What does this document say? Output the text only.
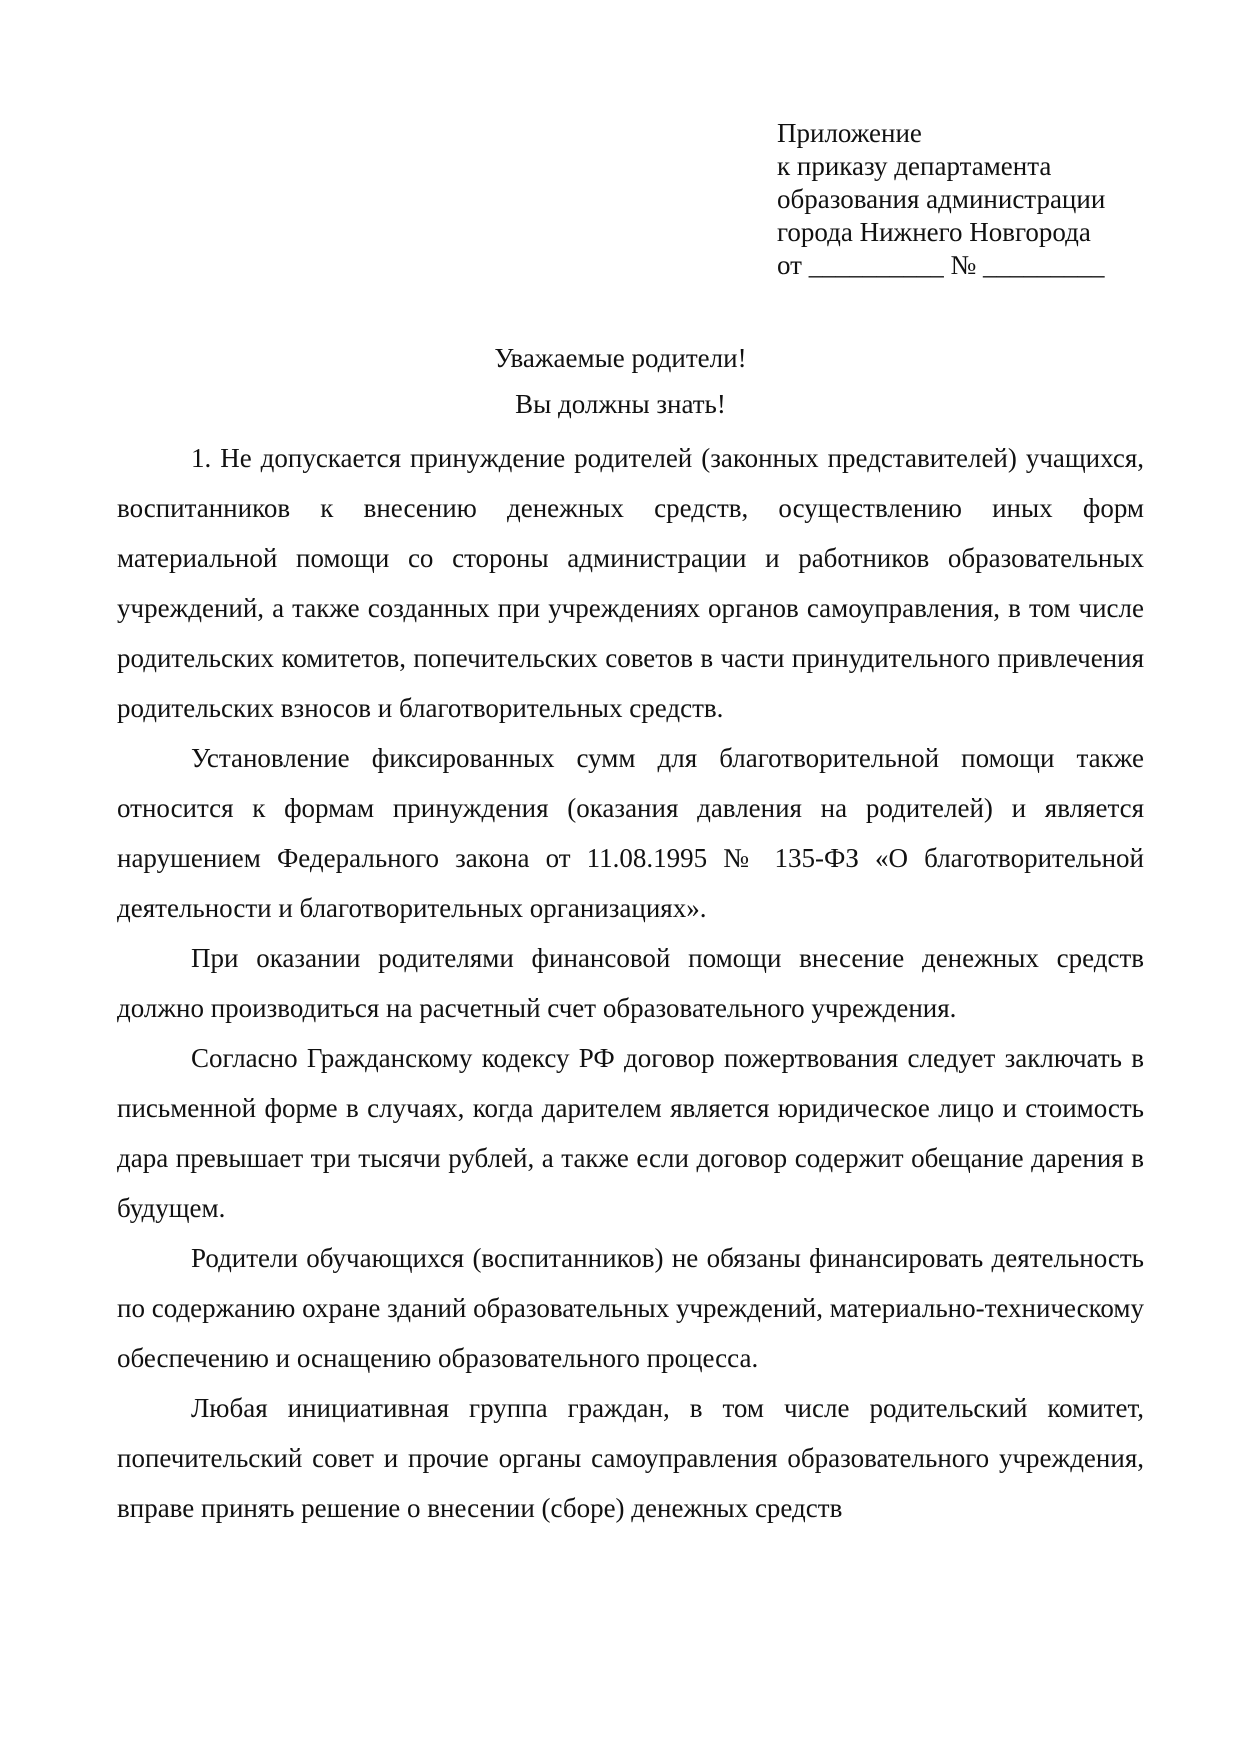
Приложение
к приказу департамента
образования администрации
города Нижнего Новгорода
от __________ № _________
Уважаемые родители!
Вы должны знать!

1. Не допускается принуждение родителей (законных представителей) учащихся, воспитанников к внесению денежных средств, осуществлению иных форм материальной помощи со стороны администрации и работников образовательных учреждений, а также созданных при учреждениях органов самоуправления, в том числе родительских комитетов, попечительских советов в части принудительного привлечения родительских взносов и благотворительных средств.

Установление фиксированных сумм для благотворительной помощи также относится к формам принуждения (оказания давления на родителей) и является нарушением Федерального закона от 11.08.1995 № 135-ФЗ «О благотворительной деятельности и благотворительных организациях».

При оказании родителями финансовой помощи внесение денежных средств должно производиться на расчетный счет образовательного учреждения.

Согласно Гражданскому кодексу РФ договор пожертвования следует заключать в письменной форме в случаях, когда дарителем является юридическое лицо и стоимость дара превышает три тысячи рублей, а также если договор содержит обещание дарения в будущем.

Родители обучающихся (воспитанников) не обязаны финансировать деятельность по содержанию охране зданий образовательных учреждений, материально-техническому обеспечению и оснащению образовательного процесса.

Любая инициативная группа граждан, в том числе родительский комитет, попечительский совет и прочие органы самоуправления образовательного учреждения, вправе принять решение о внесении (сборе) денежных средств
